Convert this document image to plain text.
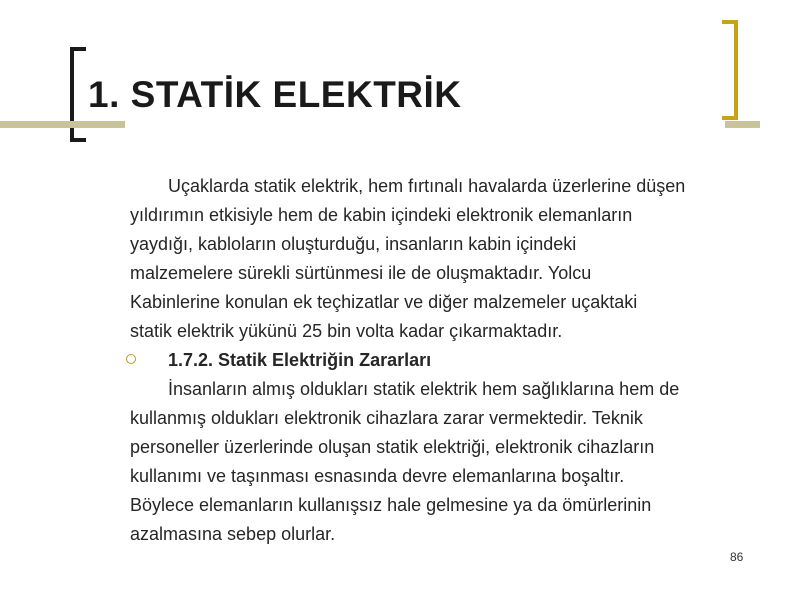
1. STATİK ELEKTRİK
Uçaklarda statik elektrik, hem fırtınalı havalarda üzerlerine düşen
yıldırımın etkisiyle hem de kabin içindeki elektronik elemanların
yaydığı, kabloların oluşturduğu, insanların kabin içindeki
malzemelere sürekli sürtünmesi ile de oluşmaktadır. Yolcu
Kabinlerine konulan ek teçhizatlar ve diğer malzemeler uçaktaki
statik elektrik yükünü 25 bin volta kadar çıkarmaktadır.
1.7.2. Statik Elektriğin Zararları
İnsanların almış oldukları statik elektrik hem sağlıklarına hem de
kullanmış oldukları elektronik cihazlara zarar vermektedir. Teknik
personeller üzerlerinde oluşan statik elektriği, elektronik cihazların
kullanımı ve taşınması esnasında devre elemanlarına boşaltır.
Böylece elemanların kullanışsız hale gelmesine ya da ömürlerinin
azalmasına sebep olurlar.
86
